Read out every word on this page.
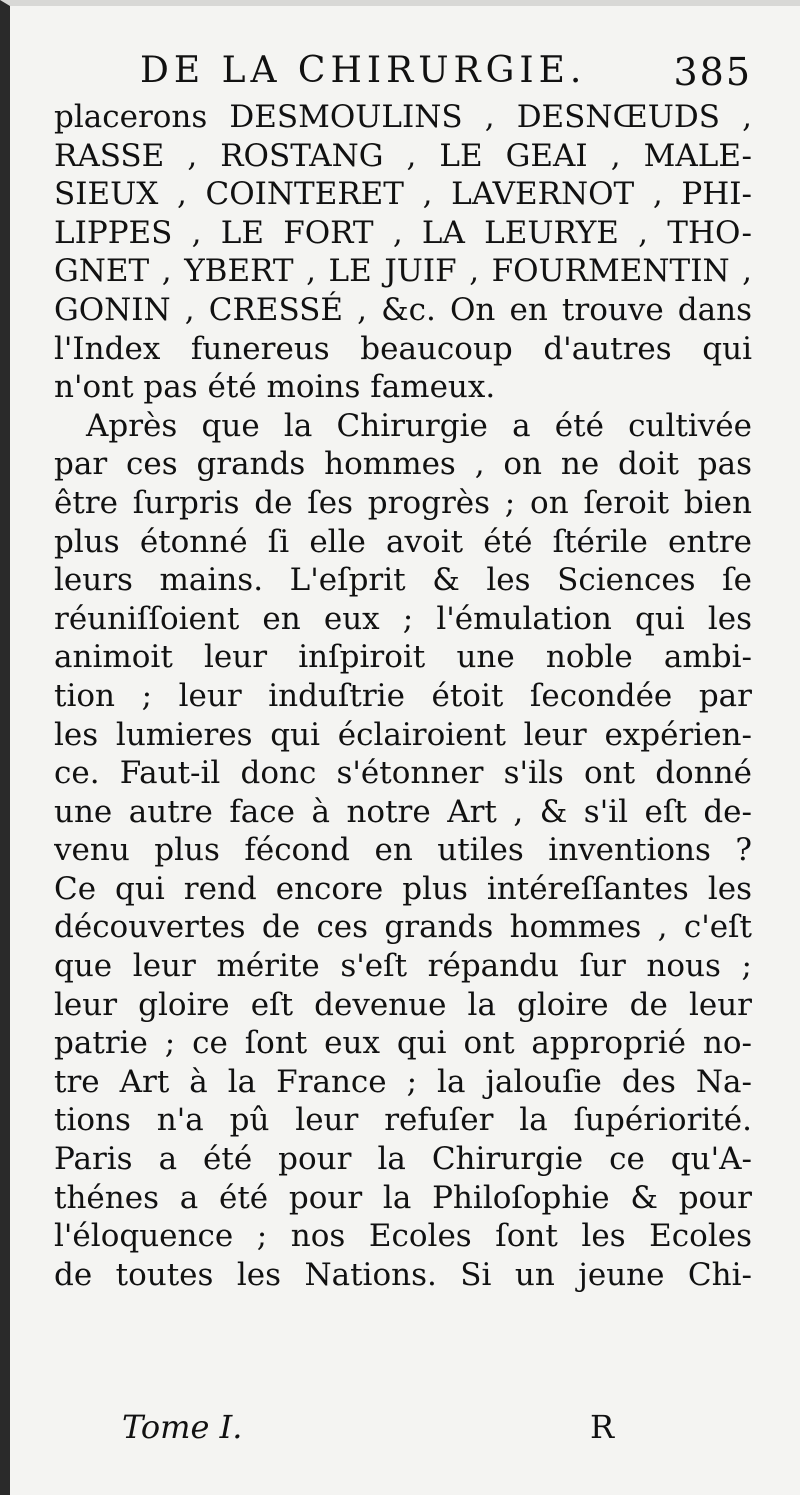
DE LA CHIRURGIE. 385
placerons DESMOULINS , DESNŒUDS ,
RASSE , ROSTANG , LE GEAI , MALE-
SIEUX , COINTERET , LAVERNOT , PHI-
LIPPES , LE FORT , LA LEURYE , THO-
GNET , YBERT , LE JUIF , FOURMENTIN ,
GONIN , CRESSÉ , &c. On en trouve dans
l'Index funereus beaucoup d'autres qui
n'ont pas été moins fameux.
Après que la Chirurgie a été cultivée
par ces grands hommes , on ne doit pas
être ſurpris de ſes progrès ; on ſeroit bien
plus étonné ſi elle avoit été ſtérile entre
leurs mains. L'eſprit & les Sciences ſe
réuniſſoient en eux ; l'émulation qui les
animoit leur inſpiroit une noble ambi-
tion ; leur induſtrie étoit ſecondée par
les lumieres qui éclairoient leur expérien-
ce. Faut-il donc s'étonner s'ils ont donné
une autre face à notre Art , & s'il eſt de-
venu plus fécond en utiles inventions ?
Ce qui rend encore plus intéreſſantes les
découvertes de ces grands hommes , c'eſt
que leur mérite s'eſt répandu ſur nous ;
leur gloire eſt devenue la gloire de leur
patrie ; ce ſont eux qui ont approprié no-
tre Art à la France ; la jalouſie des Na-
tions n'a pû leur refuſer la ſupériorité.
Paris a été pour la Chirurgie ce qu'A-
thénes a été pour la Philoſophie & pour
l'éloquence ; nos Ecoles ſont les Ecoles
de toutes les Nations. Si un jeune Chi-
Tome I.	R
